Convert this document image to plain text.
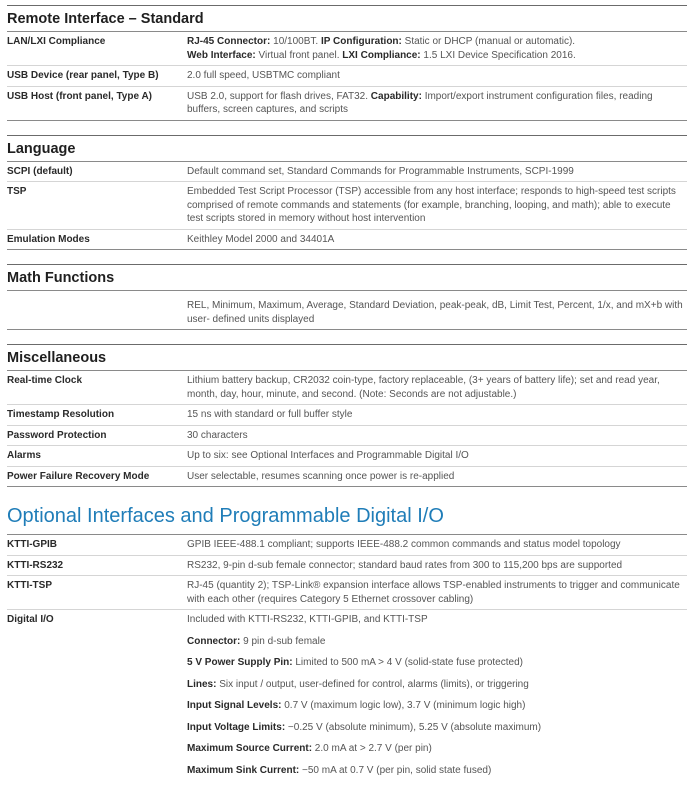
Remote Interface – Standard
LAN/LXI Compliance	RJ-45 Connector: 10/100BT. IP Configuration: Static or DHCP (manual or automatic).
Web Interface: Virtual front panel. LXI Compliance: 1.5 LXI Device Specification 2016.
USB Device (rear panel, Type B)	2.0 full speed, USBTMC compliant
USB Host (front panel, Type A)	USB 2.0, support for flash drives, FAT32. Capability: Import/export instrument configuration files, reading buffers, screen captures, and scripts
Language
SCPI (default)	Default command set, Standard Commands for Programmable Instruments, SCPI-1999
TSP	Embedded Test Script Processor (TSP) accessible from any host interface; responds to high-speed test scripts comprised of remote commands and statements (for example, branching, looping, and math); able to execute test scripts stored in memory without host intervention
Emulation Modes	Keithley Model 2000 and 34401A
Math Functions
REL, Minimum, Maximum, Average, Standard Deviation, peak-peak, dB, Limit Test, Percent, 1/x, and mX+b with user- defined units displayed
Miscellaneous
Real-time Clock	Lithium battery backup, CR2032 coin-type, factory replaceable, (3+ years of battery life); set and read year, month, day, hour, minute, and second. (Note: Seconds are not adjustable.)
Timestamp Resolution	15 ns with standard or full buffer style
Password Protection	30 characters
Alarms	Up to six: see Optional Interfaces and Programmable Digital I/O
Power Failure Recovery Mode	User selectable, resumes scanning once power is re-applied
Optional Interfaces and Programmable Digital I/O
KTTI-GPIB	GPIB IEEE-488.1 compliant; supports IEEE-488.2 common commands and status model topology
KTTI-RS232	RS232, 9-pin d-sub female connector; standard baud rates from 300 to 115,200 bps are supported
KTTI-TSP	RJ-45 (quantity 2); TSP-Link® expansion interface allows TSP-enabled instruments to trigger and communicate with each other (requires Category 5 Ethernet crossover cabling)
Digital I/O	Included with KTTI-RS232, KTTI-GPIB, and KTTI-TSP
Connector: 9 pin d-sub female
5 V Power Supply Pin: Limited to 500 mA > 4 V (solid-state fuse protected)
Lines: Six input / output, user-defined for control, alarms (limits), or triggering
Input Signal Levels: 0.7 V (maximum logic low), 3.7 V (minimum logic high)
Input Voltage Limits: −0.25 V (absolute minimum), 5.25 V (absolute maximum)
Maximum Source Current: 2.0 mA at > 2.7 V (per pin)
Maximum Sink Current: −50 mA at 0.7 V (per pin, solid state fused)
